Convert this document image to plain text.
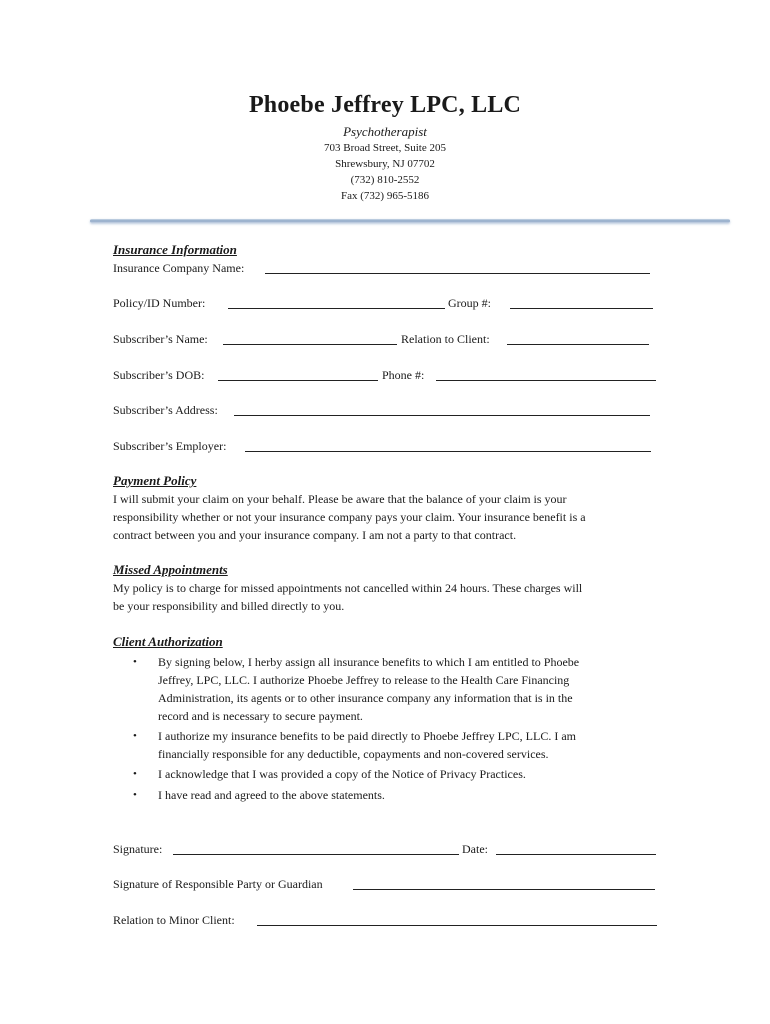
Phoebe Jeffrey LPC, LLC
Psychotherapist
703 Broad Street, Suite 205
Shrewsbury, NJ 07702
(732) 810-2552
Fax (732) 965-5186
Insurance Information
Insurance Company Name:
Policy/ID Number:	Group #:
Subscriber’s Name:	Relation to Client:
Subscriber’s DOB:	Phone #:
Subscriber’s Address:
Subscriber’s Employer:
Payment Policy
I will submit your claim on your behalf. Please be aware that the balance of your claim is your
responsibility whether or not your insurance company pays your claim. Your insurance benefit is a
contract between you and your insurance company. I am not a party to that contract.
Missed Appointments
My policy is to charge for missed appointments not cancelled within 24 hours. These charges will
be your responsibility and billed directly to you.
Client Authorization
• By signing below, I herby assign all insurance benefits to which I am entitled to Phoebe
Jeffrey, LPC, LLC. I authorize Phoebe Jeffrey to release to the Health Care Financing
Administration, its agents or to other insurance company any information that is in the
record and is necessary to secure payment.
• I authorize my insurance benefits to be paid directly to Phoebe Jeffrey LPC, LLC. I am
financially responsible for any deductible, copayments and non-covered services.
• I acknowledge that I was provided a copy of the Notice of Privacy Practices.
• I have read and agreed to the above statements.
Signature:	Date:
Signature of Responsible Party or Guardian
Relation to Minor Client:
